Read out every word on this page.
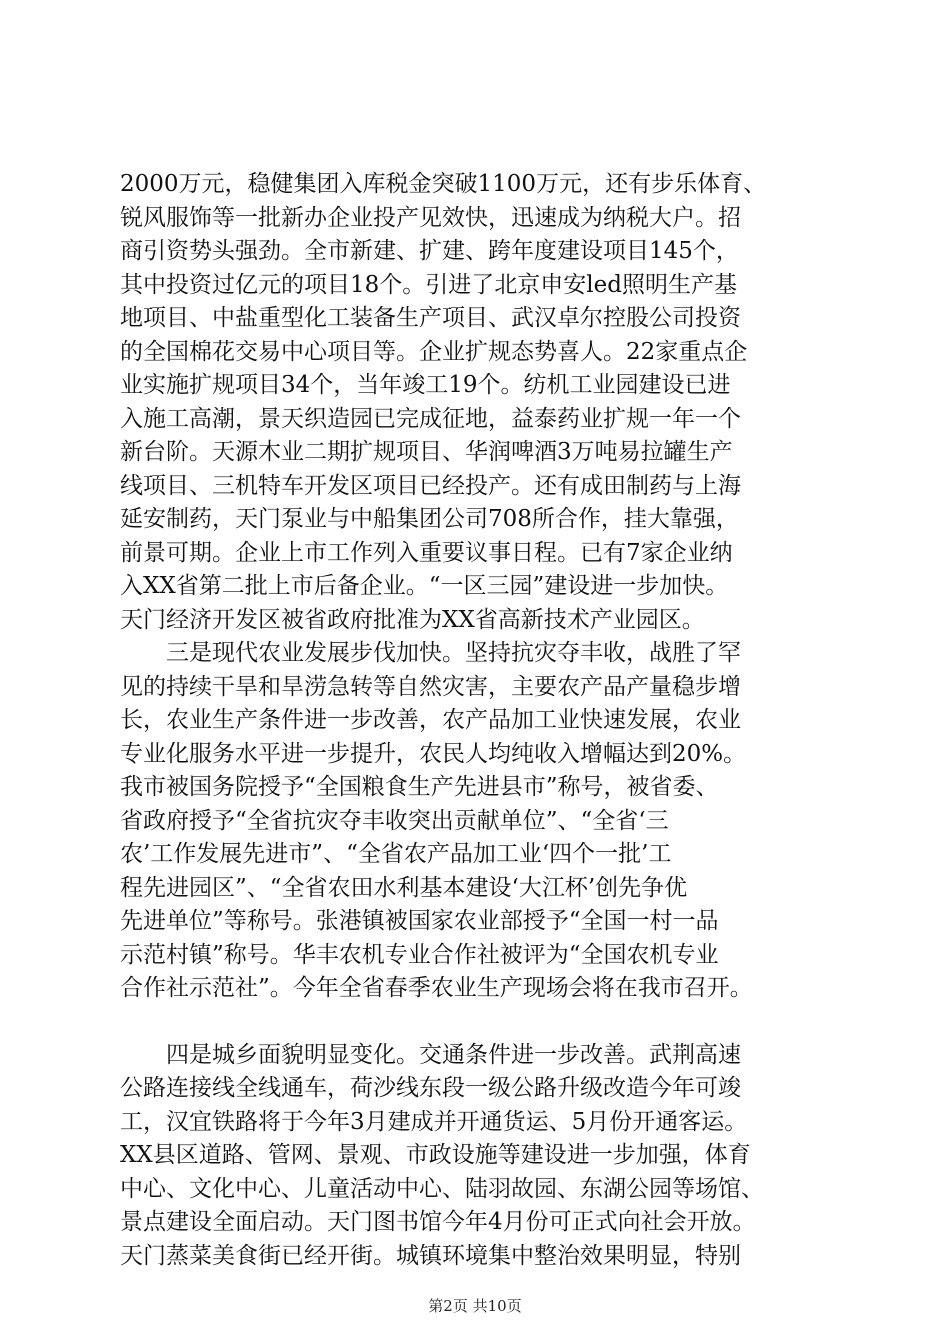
2000万元，稳健集团入库税金突破1100万元，还有步乐体育、
锐风服饰等一批新办企业投产见效快，迅速成为纳税大户。招
商引资势头强劲。全市新建、扩建、跨年度建设项目145个，
其中投资过亿元的项目18个。引进了北京申安led照明生产基
地项目、中盐重型化工装备生产项目、武汉卓尔控股公司投资
的全国棉花交易中心项目等。企业扩规态势喜人。22家重点企
业实施扩规项目34个，当年竣工19个。纺机工业园建设已进
入施工高潮，景天织造园已完成征地，益泰药业扩规一年一个
新台阶。天源木业二期扩规项目、华润啤酒3万吨易拉罐生产
线项目、三机特车开发区项目已经投产。还有成田制药与上海
延安制药，天门泵业与中船集团公司708所合作，挂大靠强，
前景可期。企业上市工作列入重要议事日程。已有7家企业纳
入XX省第二批上市后备企业。“一区三园”建设进一步加快。
天门经济开发区被省政府批准为XX省高新技术产业园区。
　　三是现代农业发展步伐加快。坚持抗灾夺丰收，战胜了罕
见的持续干旱和旱涝急转等自然灾害，主要农产品产量稳步增
长，农业生产条件进一步改善，农产品加工业快速发展，农业
专业化服务水平进一步提升，农民人均纯收入增幅达到20%。
我市被国务院授予“全国粮食生产先进县市”称号，被省委、
省政府授予“全省抗灾夺丰收突出贡献单位”、“全省‘三
农’工作发展先进市”、“全省农产品加工业‘四个一批’工
程先进园区”、“全省农田水利基本建设‘大江杯’创先争优
先进单位”等称号。张港镇被国家农业部授予“全国一村一品
示范村镇”称号。华丰农机专业合作社被评为“全国农机专业
合作社示范社”。今年全省春季农业生产现场会将在我市召开。
　　四是城乡面貌明显变化。交通条件进一步改善。武荆高速
公路连接线全线通车，荷沙线东段一级公路升级改造今年可竣
工，汉宜铁路将于今年3月建成并开通货运、5月份开通客运。
XX县区道路、管网、景观、市政设施等建设进一步加强，体育
中心、文化中心、儿童活动中心、陆羽故园、东湖公园等场馆、
景点建设全面启动。天门图书馆今年4月份可正式向社会开放。
天门蒸菜美食街已经开街。城镇环境集中整治效果明显，特别
第2页 共10页
